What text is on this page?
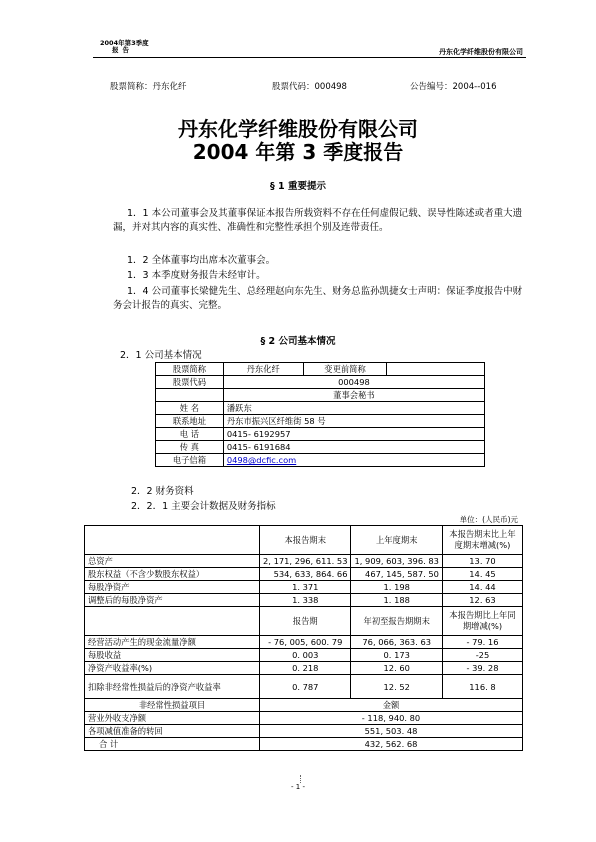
2004年第3季度
报告	丹东化学纤维股份有限公司
股票简称：丹东化纤	股票代码：000498	公告编号：2004--016
丹东化学纤维股份有限公司
2004 年第 3 季度报告
§ 1 重要提示
1．1 本公司董事会及其董事保证本报告所载资料不存在任何虚假记载、误导性陈述或者重大遗漏，并对其内容的真实性、准确性和完整性承担个别及连带责任。
1．2 全体董事均出席本次董事会。
1．3 本季度财务报告未经审计。
1．4 公司董事长梁健先生、总经理赵向东先生、财务总监孙凯捷女士声明：保证季度报告中财务会计报告的真实、完整。
§ 2 公司基本情况
2．1 公司基本情况
股票简称	丹东化纤	变更前简称	
股票代码	000498		
	董事会秘书		
姓 名	潘跃东		
联系地址	丹东市振兴区纤维街 58 号		
电 话	0415- 6192957		
传 真	0415- 6191684		
电子信箱	0498@dcfic.com		
2．2 财务资料
2．2．1 主要会计数据及财务指标
单位：(人民币)元
	本报告期末	上年度期末	本报告期末比上年度期末增减(%)
总资产	2, 171, 296, 611. 53	1, 909, 603, 396. 83	13. 70
股东权益（不含少数股东权益）	534, 633, 864. 66	467, 145, 587. 50	14. 45
每股净资产	1. 371	1. 198	14. 44
调整后的每股净资产	1. 338	1. 188	12. 63
	报告期	年初至报告期期末	本报告期比上年同期增减(%)
经营活动产生的现金流量净额	- 76, 005, 600. 79	76, 066, 363. 63	- 79. 16
每股收益	0. 003	0. 173	-25
净资产收益率(%)	0. 218	12. 60	- 39. 28
扣除非经常性损益后的净资产收益率	0. 787	12. 52	116. 8
非经常性损益项目	金额		
营业外收支净额	- 118, 940. 80		
各项减值准备的转回	551, 503. 48		
合 计	432, 562. 68		
- 1 -
